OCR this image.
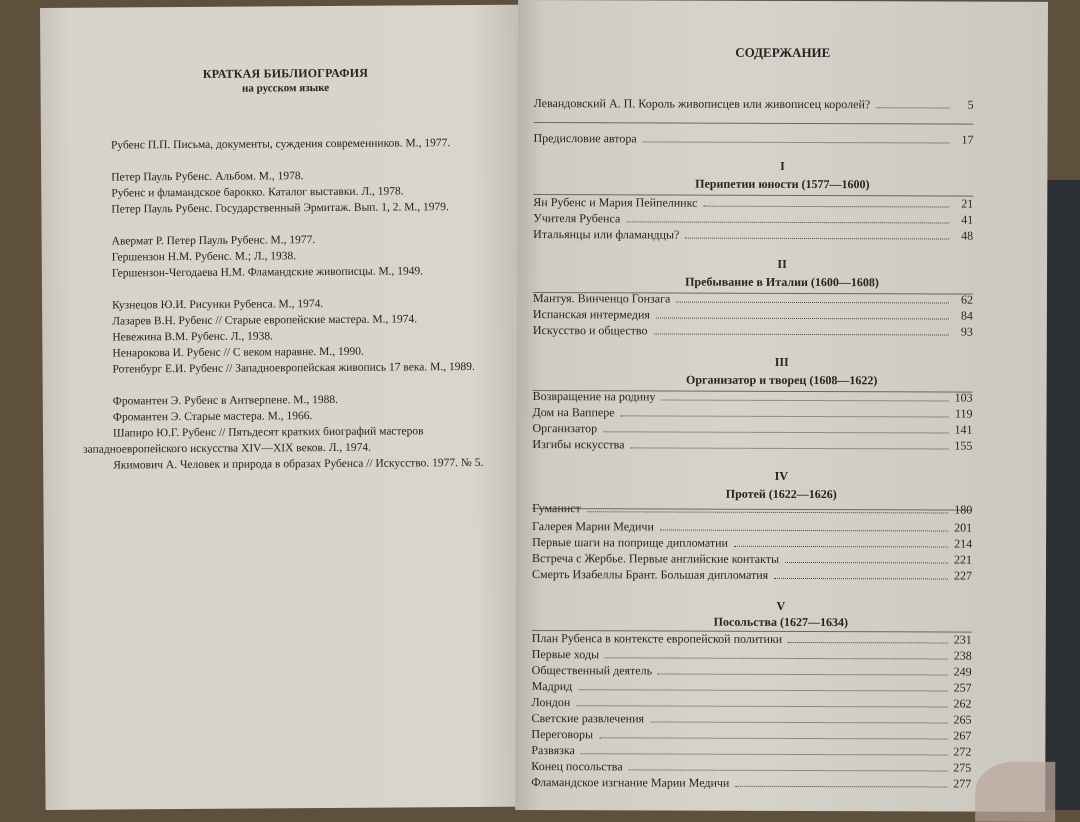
КРАТКАЯ БИБЛИОГРАФИЯ
на русском языке
Рубенс П.П. Письма, документы, суждения современников. М., 1977.
Петер Пауль Рубенс. Альбом. М., 1978.
Рубенс и фламандское барокко. Каталог выставки. Л., 1978.
Петер Пауль Рубенс. Государственный Эрмитаж. Вып. 1, 2. М., 1979.
Авермат Р. Петер Пауль Рубенс. М., 1977.
Гершензон Н.М. Рубенс. М.; Л., 1938.
Гершензон-Чегодаева Н.М. Фламандские живописцы. М., 1949.
Кузнецов Ю.И. Рисунки Рубенса. М., 1974.
Лазарев В.Н. Рубенс // Старые европейские мастера. М., 1974.
Невежина В.М. Рубенс. Л., 1938.
Ненарокова И. Рубенс // С веком наравне. М., 1990.
Ротенбург Е.И. Рубенс // Западноевропейская живопись 17 века. М., 1989.
Фромантен Э. Рубенс в Антверпене. М., 1988.
Фромантен Э. Старые мастера. М., 1966.
Шапиро Ю.Г. Рубенс // Пятьдесят кратких биографий мастеров западноевропейского искусства XIV—XIX веков. Л., 1974.
Якимович А. Человек и природа в образах Рубенса // Искусство. 1977. № 5.
СОДЕРЖАНИЕ
Левандовский А. П. Король живописцев или живописец королей?	5
Предисловие автора	17
I
Перипетии юности (1577—1600)
Ян Рубенс и Мария Пейпелинкс	21
Учителя Рубенса	41
Итальянцы или фламандцы?	48
II
Пребывание в Италии (1600—1608)
Мантуя. Винченцо Гонзага	62
Испанская интермедия	84
Искусство и общество	93
III
Организатор и творец (1608—1622)
Возвращение на родину	103
Дом на Ваппере	119
Организатор	141
Изгибы искусства	155
IV
Протей (1622—1626)
Гуманист	180
Галерея Марии Медичи	201
Первые шаги на поприще дипломатии	214
Встреча с Жербье. Первые английские контакты	221
Смерть Изабеллы Брант. Большая дипломатия	227
V
Посольства (1627—1634)
План Рубенса в контексте европейской политики	231
Первые ходы	238
Общественный деятель	249
Мадрид	257
Лондон	262
Светские развлечения	265
Переговоры	267
Развязка	272
Конец посольства	275
Фламандское изгнание Марии Медичи	277
